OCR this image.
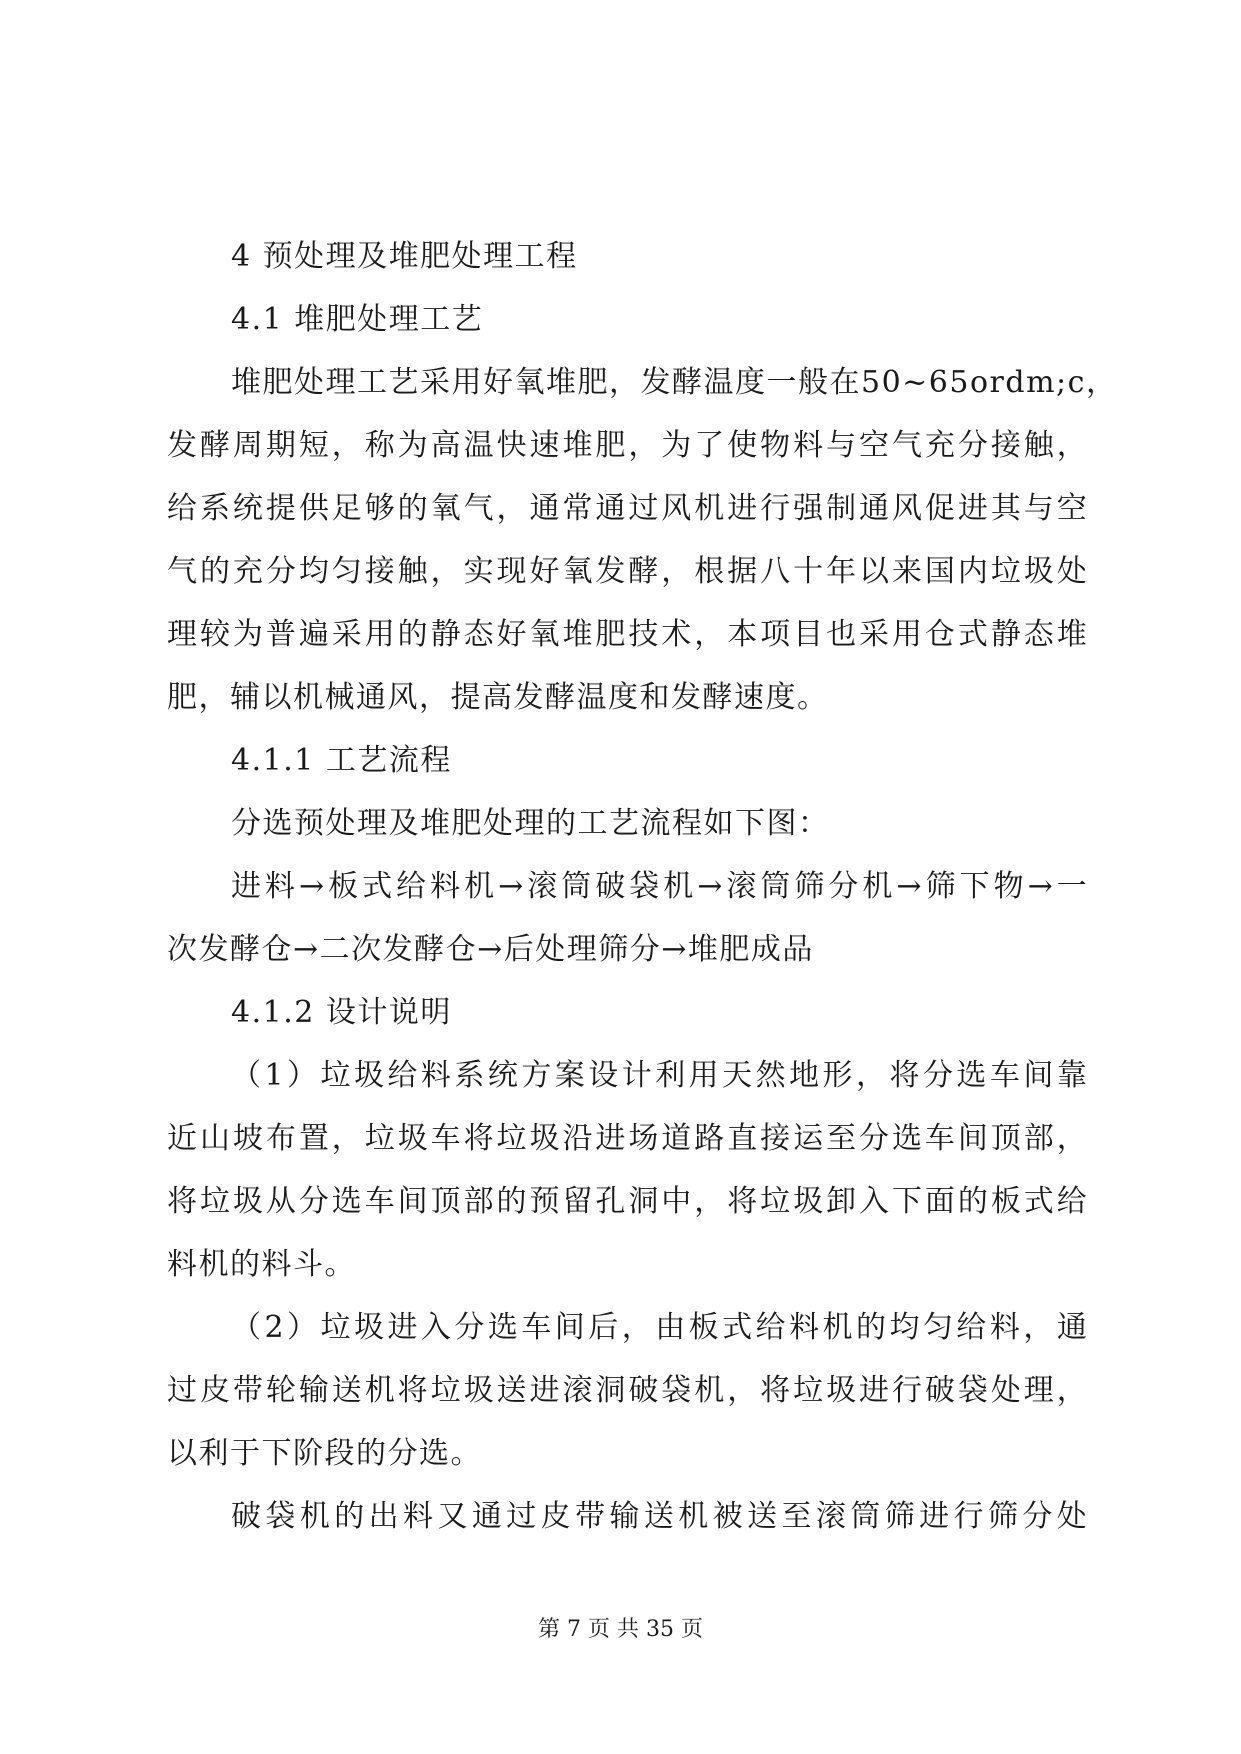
4 预处理及堆肥处理工程
4.1 堆肥处理工艺
堆肥处理工艺采用好氧堆肥，发酵温度一般在50~65ordm;c，
发 酵 周 期 短 ， 称 为 高 温 快 速 堆 肥 ， 为 了 使 物 料 与 空 气 充 分 接 触 ，
给 系 统 提 供 足 够 的 氧 气 ， 通 常 通 过 风 机 进 行 强 制 通 风 促 进 其 与 空
气 的 充 分 均 匀 接 触 ， 实 现 好 氧 发 酵 ， 根 据 八 十 年 以 来 国 内 垃 圾 处
理 较 为 普 遍 采 用 的 静 态 好 氧 堆 肥 技 术 ， 本 项 目 也 采 用 仓 式 静 态 堆
肥，辅以机械通风，提高发酵温度和发酵速度。
4.1.1 工艺流程
分选预处理及堆肥处理的工艺流程如下图：
进 料 → 板 式 给 料 机 → 滚 筒 破 袋 机 → 滚 筒 筛 分 机 → 筛 下 物 → 一
次发酵仓→二次发酵仓→后处理筛分→堆肥成品
4.1.2 设计说明
（ 1 ） 垃 圾 给 料 系 统 方 案 设 计 利 用 天 然 地 形 ， 将 分 选 车 间 靠
近 山 坡 布 置 ， 垃 圾 车 将 垃 圾 沿 进 场 道 路 直 接 运 至 分 选 车 间 顶 部 ，
将 垃 圾 从 分 选 车 间 顶 部 的 预 留 孔 洞 中 ， 将 垃 圾 卸 入 下 面 的 板 式 给
料机的料斗。
（ 2 ） 垃 圾 进 入 分 选 车 间 后 ， 由 板 式 给 料 机 的 均 匀 给 料 ， 通
过 皮 带 轮 输 送 机 将 垃 圾 送 进 滚 洞 破 袋 机 ， 将 垃 圾 进 行 破 袋 处 理 ，
以利于下阶段的分选。
破 袋 机 的 出 料 又 通 过 皮 带 输 送 机 被 送 至 滚 筒 筛 进 行 筛 分 处
第 7 页 共 35 页
